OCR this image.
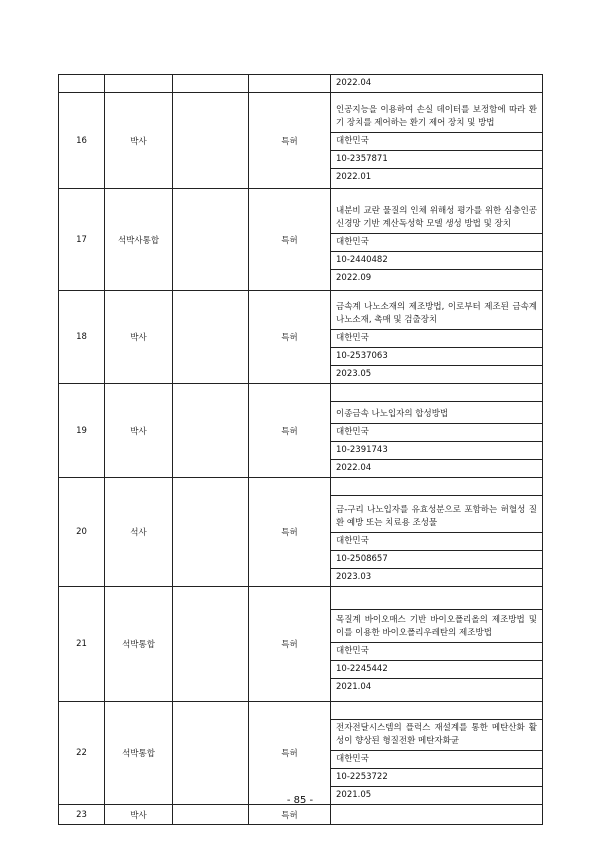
				2022.04

16	박사		특허	인공지능을 이용하여 손실 데이터를 보정함에 따라 환기 장치를 제어하는 환기 제어 장치 및 방법
대한민국
10-2357871
2022.01

17	석박사통합		특허	내분비 교란 물질의 인체 위해성 평가를 위한 심층인공신경망 기반 계산독성학 모델 생성 방법 및 장치
대한민국
10-2440482
2022.09

18	박사		특허	금속계 나노소재의 제조방법, 이로부터 제조된 금속계 나노소재, 촉매 및 검출장치
대한민국
10-2537063
2023.05

19	박사		특허	이종금속 나노입자의 합성방법
대한민국
10-2391743
2022.04

20	석사		특허	금-구리 나노입자를 유효성분으로 포함하는 허혈성 질환 예방 또는 치료용 조성물
대한민국
10-2508657
2023.03

21	석박통합		특허	목질계 바이오매스 기반 바이오폴리올의 제조방법 및 이를 이용한 바이오폴리우레탄의 제조방법
대한민국
10-2245442
2021.04

22	석박통합		특허	전자전달시스템의 플럭스 재설계를 통한 메탄산화 활성이 향상된 형질전환 메탄자화균
대한민국
10-2253722
2021.05

23	박사		특허	
- 85 -
